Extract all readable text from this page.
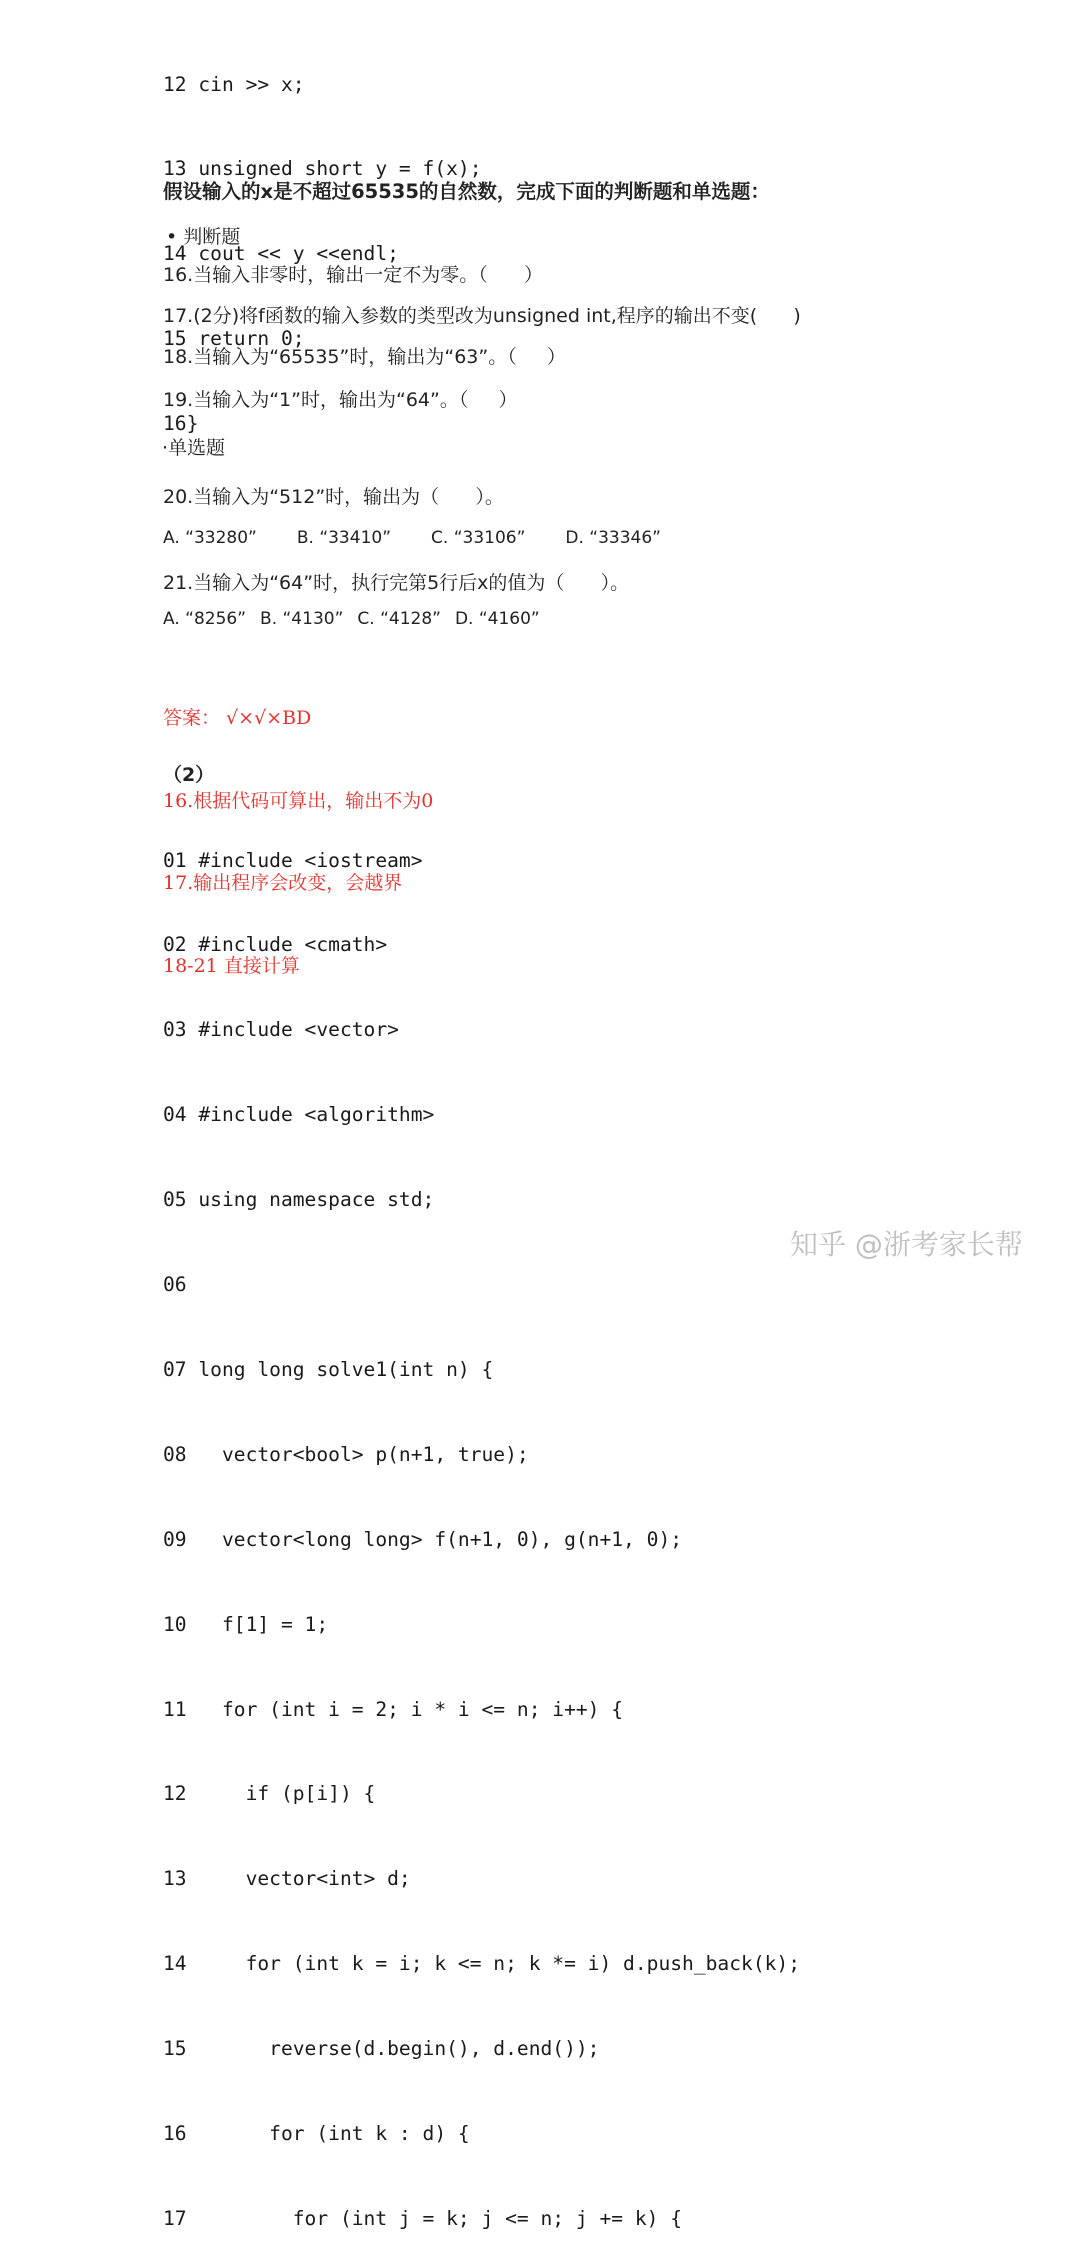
12 cin >> x;

13 unsigned short y = f(x);

14 cout << y <<endl;

15 return 0;

16}

假设输入的x是不超过65535的自然数，完成下面的判断题和单选题：
• 判断题
16.当输入非零时，输出一定不为零。（      ）
17.(2分)将f函数的输入参数的类型改为unsigned int,程序的输出不变(      )
18.当输入为“65535”时，输出为“63”。（     ）
19.当输入为“1”时，输出为“64”。（     ）
·单选题
20.当输入为“512”时，输出为（      ）。
A. “33280” B. “33410” C. “33106” D. “33346”
21.当输入为“64”时，执行完第5行后x的值为（      ）。
A. “8256” B. “4130” C. “4128” D. “4160”

答案： √×√×BD

16.根据代码可算出，输出不为0

17.输出程序会改变，会越界

18-21 直接计算

（2）

01 #include <iostream>

02 #include <cmath>

03 #include <vector>

04 #include <algorithm>

05 using namespace std;

06

07 long long solve1(int n) {

08   vector<bool> p(n+1, true);

09   vector<long long> f(n+1, 0), g(n+1, 0);

10   f[1] = 1;

11   for (int i = 2; i * i <= n; i++) {

12     if (p[i]) {

13     vector<int> d;

14     for (int k = i; k <= n; k *= i) d.push_back(k);

15       reverse(d.begin(), d.end());

16       for (int k : d) {

17         for (int j = k; j <= n; j += k) {

知乎 @浙考家长帮
